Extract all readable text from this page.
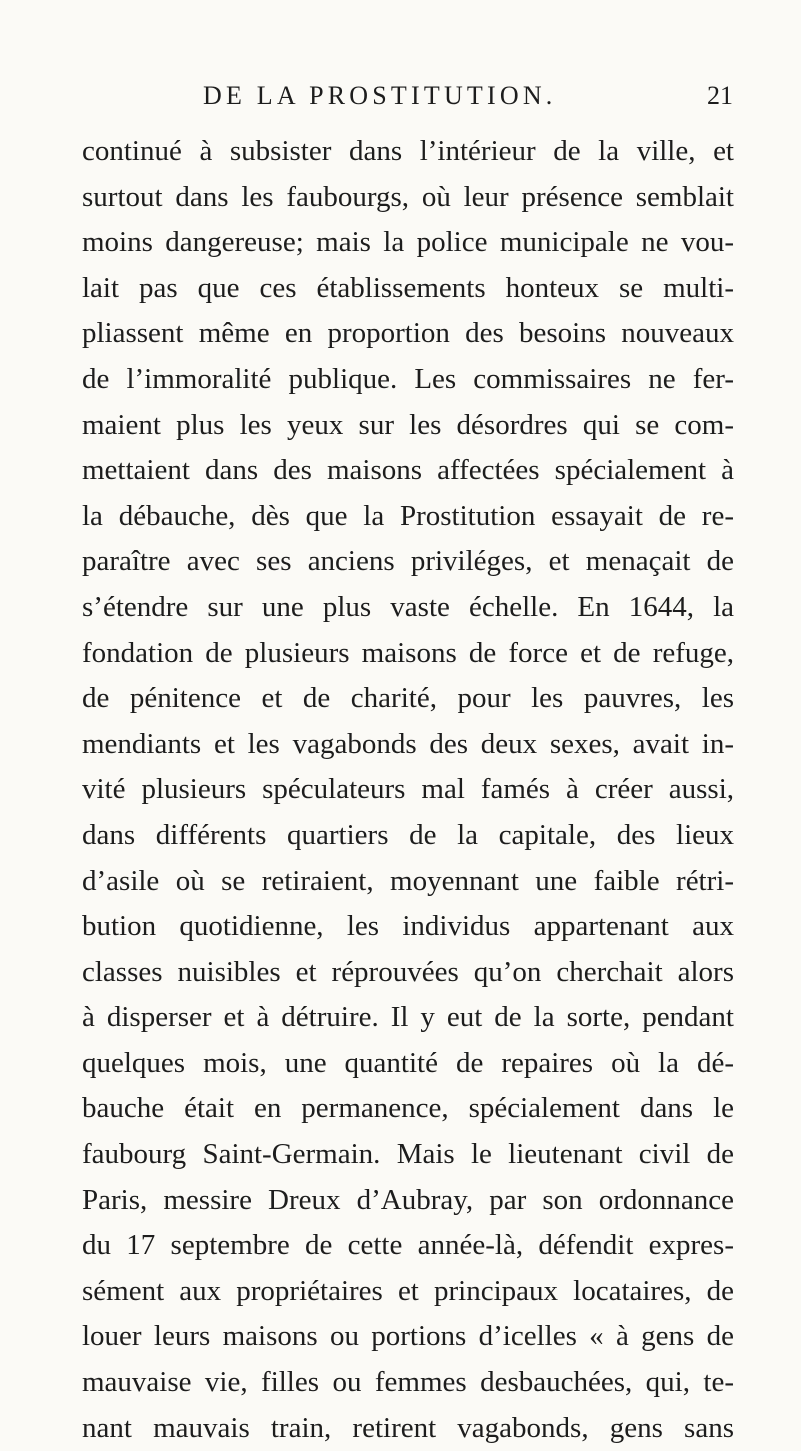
DE LA PROSTITUTION.	21
continué à subsister dans l’intérieur de la ville, et
surtout dans les faubourgs, où leur présence semblait
moins dangereuse; mais la police municipale ne vou-
lait pas que ces établissements honteux se multi-
pliassent même en proportion des besoins nouveaux
de l’immoralité publique. Les commissaires ne fer-
maient plus les yeux sur les désordres qui se com-
mettaient dans des maisons affectées spécialement à
la débauche, dès que la Prostitution essayait de re-
paraître avec ses anciens priviléges, et menaçait de
s’étendre sur une plus vaste échelle. En 1644, la
fondation de plusieurs maisons de force et de refuge,
de pénitence et de charité, pour les pauvres, les
mendiants et les vagabonds des deux sexes, avait in-
vité plusieurs spéculateurs mal famés à créer aussi,
dans différents quartiers de la capitale, des lieux
d’asile où se retiraient, moyennant une faible rétri-
bution quotidienne, les individus appartenant aux
classes nuisibles et réprouvées qu’on cherchait alors
à disperser et à détruire. Il y eut de la sorte, pendant
quelques mois, une quantité de repaires où la dé-
bauche était en permanence, spécialement dans le
faubourg Saint-Germain. Mais le lieutenant civil de
Paris, messire Dreux d’Aubray, par son ordonnance
du 17 septembre de cette année-là, défendit expres-
sément aux propriétaires et principaux locataires, de
louer leurs maisons ou portions d’icelles « à gens de
mauvaise vie, filles ou femmes desbauchées, qui, te-
nant mauvais train, retirent vagabonds, gens sans
